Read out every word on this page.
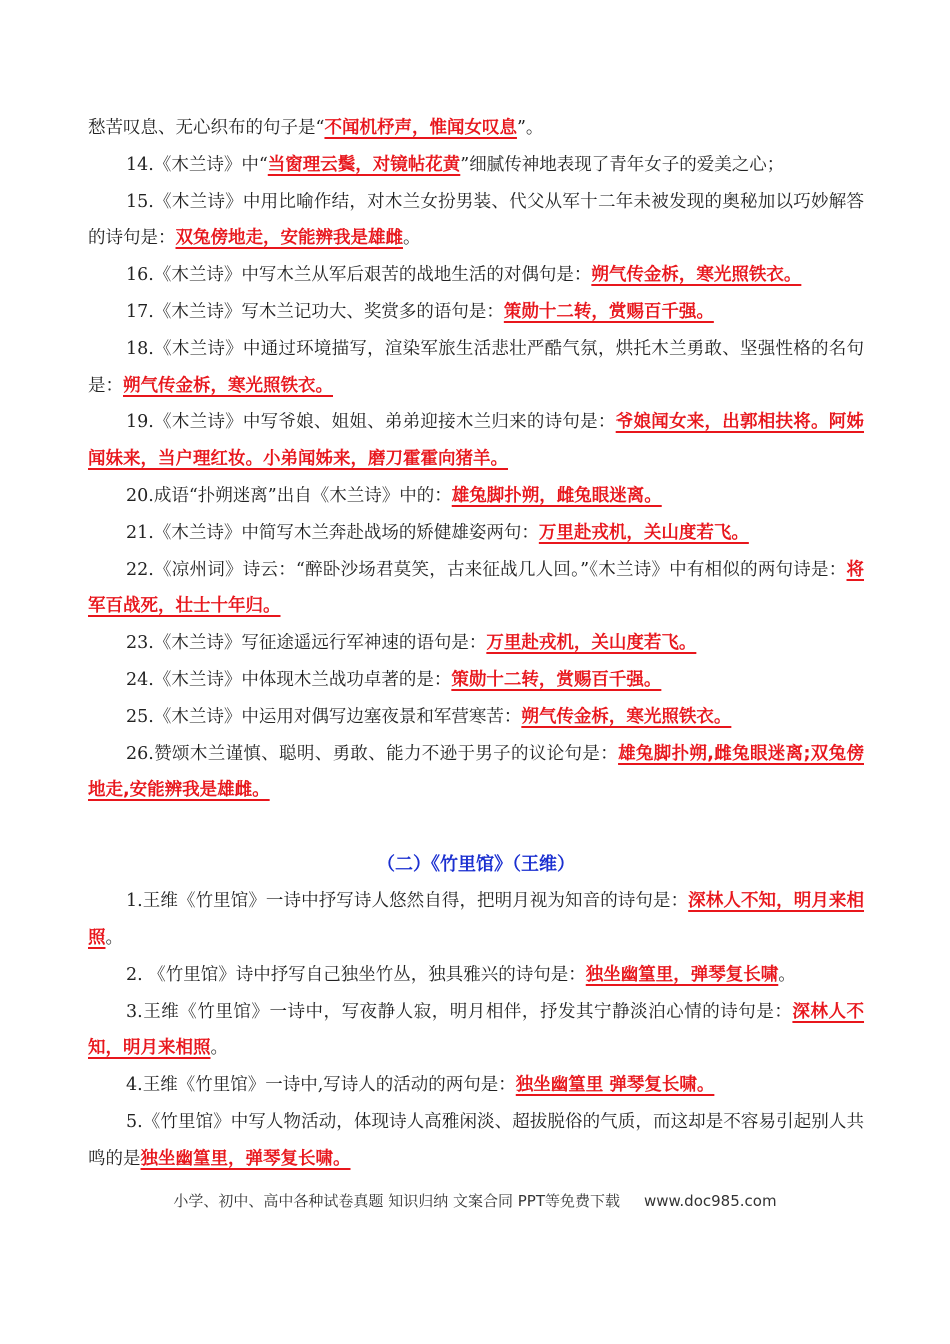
愁苦叹息、无心织布的句子是“不闻机杼声，惟闻女叹息”。

14.《木兰诗》中“当窗理云鬓，对镜帖花黄”细腻传神地表现了青年女子的爱美之心；

15.《木兰诗》中用比喻作结，对木兰女扮男装、代父从军十二年未被发现的奥秘加以巧妙解答的诗句是：双兔傍地走，安能辨我是雄雌。

16.《木兰诗》中写木兰从军后艰苦的战地生活的对偶句是：朔气传金柝，寒光照铁衣。

17.《木兰诗》写木兰记功大、奖赏多的语句是：策勋十二转，赏赐百千强。

18.《木兰诗》中通过环境描写，渲染军旅生活悲壮严酷气氛，烘托木兰勇敢、坚强性格的名句是：朔气传金柝，寒光照铁衣。

19.《木兰诗》中写爷娘、姐姐、弟弟迎接木兰归来的诗句是：爷娘闻女来，出郭相扶将。阿姊闻妹来，当户理红妆。小弟闻姊来，磨刀霍霍向猪羊。

20.成语“扑朔迷离”出自《木兰诗》中的：雄兔脚扑朔，雌兔眼迷离。

21.《木兰诗》中简写木兰奔赴战场的矫健雄姿两句：万里赴戎机，关山度若飞。

22.《凉州词》诗云：“醉卧沙场君莫笑，古来征战几人回。”《木兰诗》中有相似的两句诗是：将军百战死，壮士十年归。

23.《木兰诗》写征途遥远行军神速的语句是：万里赴戎机，关山度若飞。

24.《木兰诗》中体现木兰战功卓著的是：策勋十二转，赏赐百千强。

25.《木兰诗》中运用对偶写边塞夜景和军营寒苦：朔气传金柝，寒光照铁衣。

26.赞颂木兰谨慎、聪明、勇敢、能力不逊于男子的议论句是：雄兔脚扑朔,雌兔眼迷离;双兔傍地走,安能辨我是雄雌。

（二）《竹里馆》（王维）

1.王维《竹里馆》一诗中抒写诗人悠然自得，把明月视为知音的诗句是：深林人不知，明月来相照。

2. 《竹里馆》诗中抒写自己独坐竹丛，独具雅兴的诗句是：独坐幽篁里，弹琴复长啸。

3.王维《竹里馆》一诗中，写夜静人寂，明月相伴，抒发其宁静淡泊心情的诗句是：深林人不知，明月来相照。

4.王维《竹里馆》一诗中,写诗人的活动的两句是：独坐幽篁里 弹琴复长啸。

5.《竹里馆》中写人物活动，体现诗人高雅闲淡、超拔脱俗的气质，而这却是不容易引起别人共鸣的是独坐幽篁里，弹琴复长啸。

小学、初中、高中各种试卷真题 知识归纳 文案合同 PPT等免费下载 www.doc985.com
